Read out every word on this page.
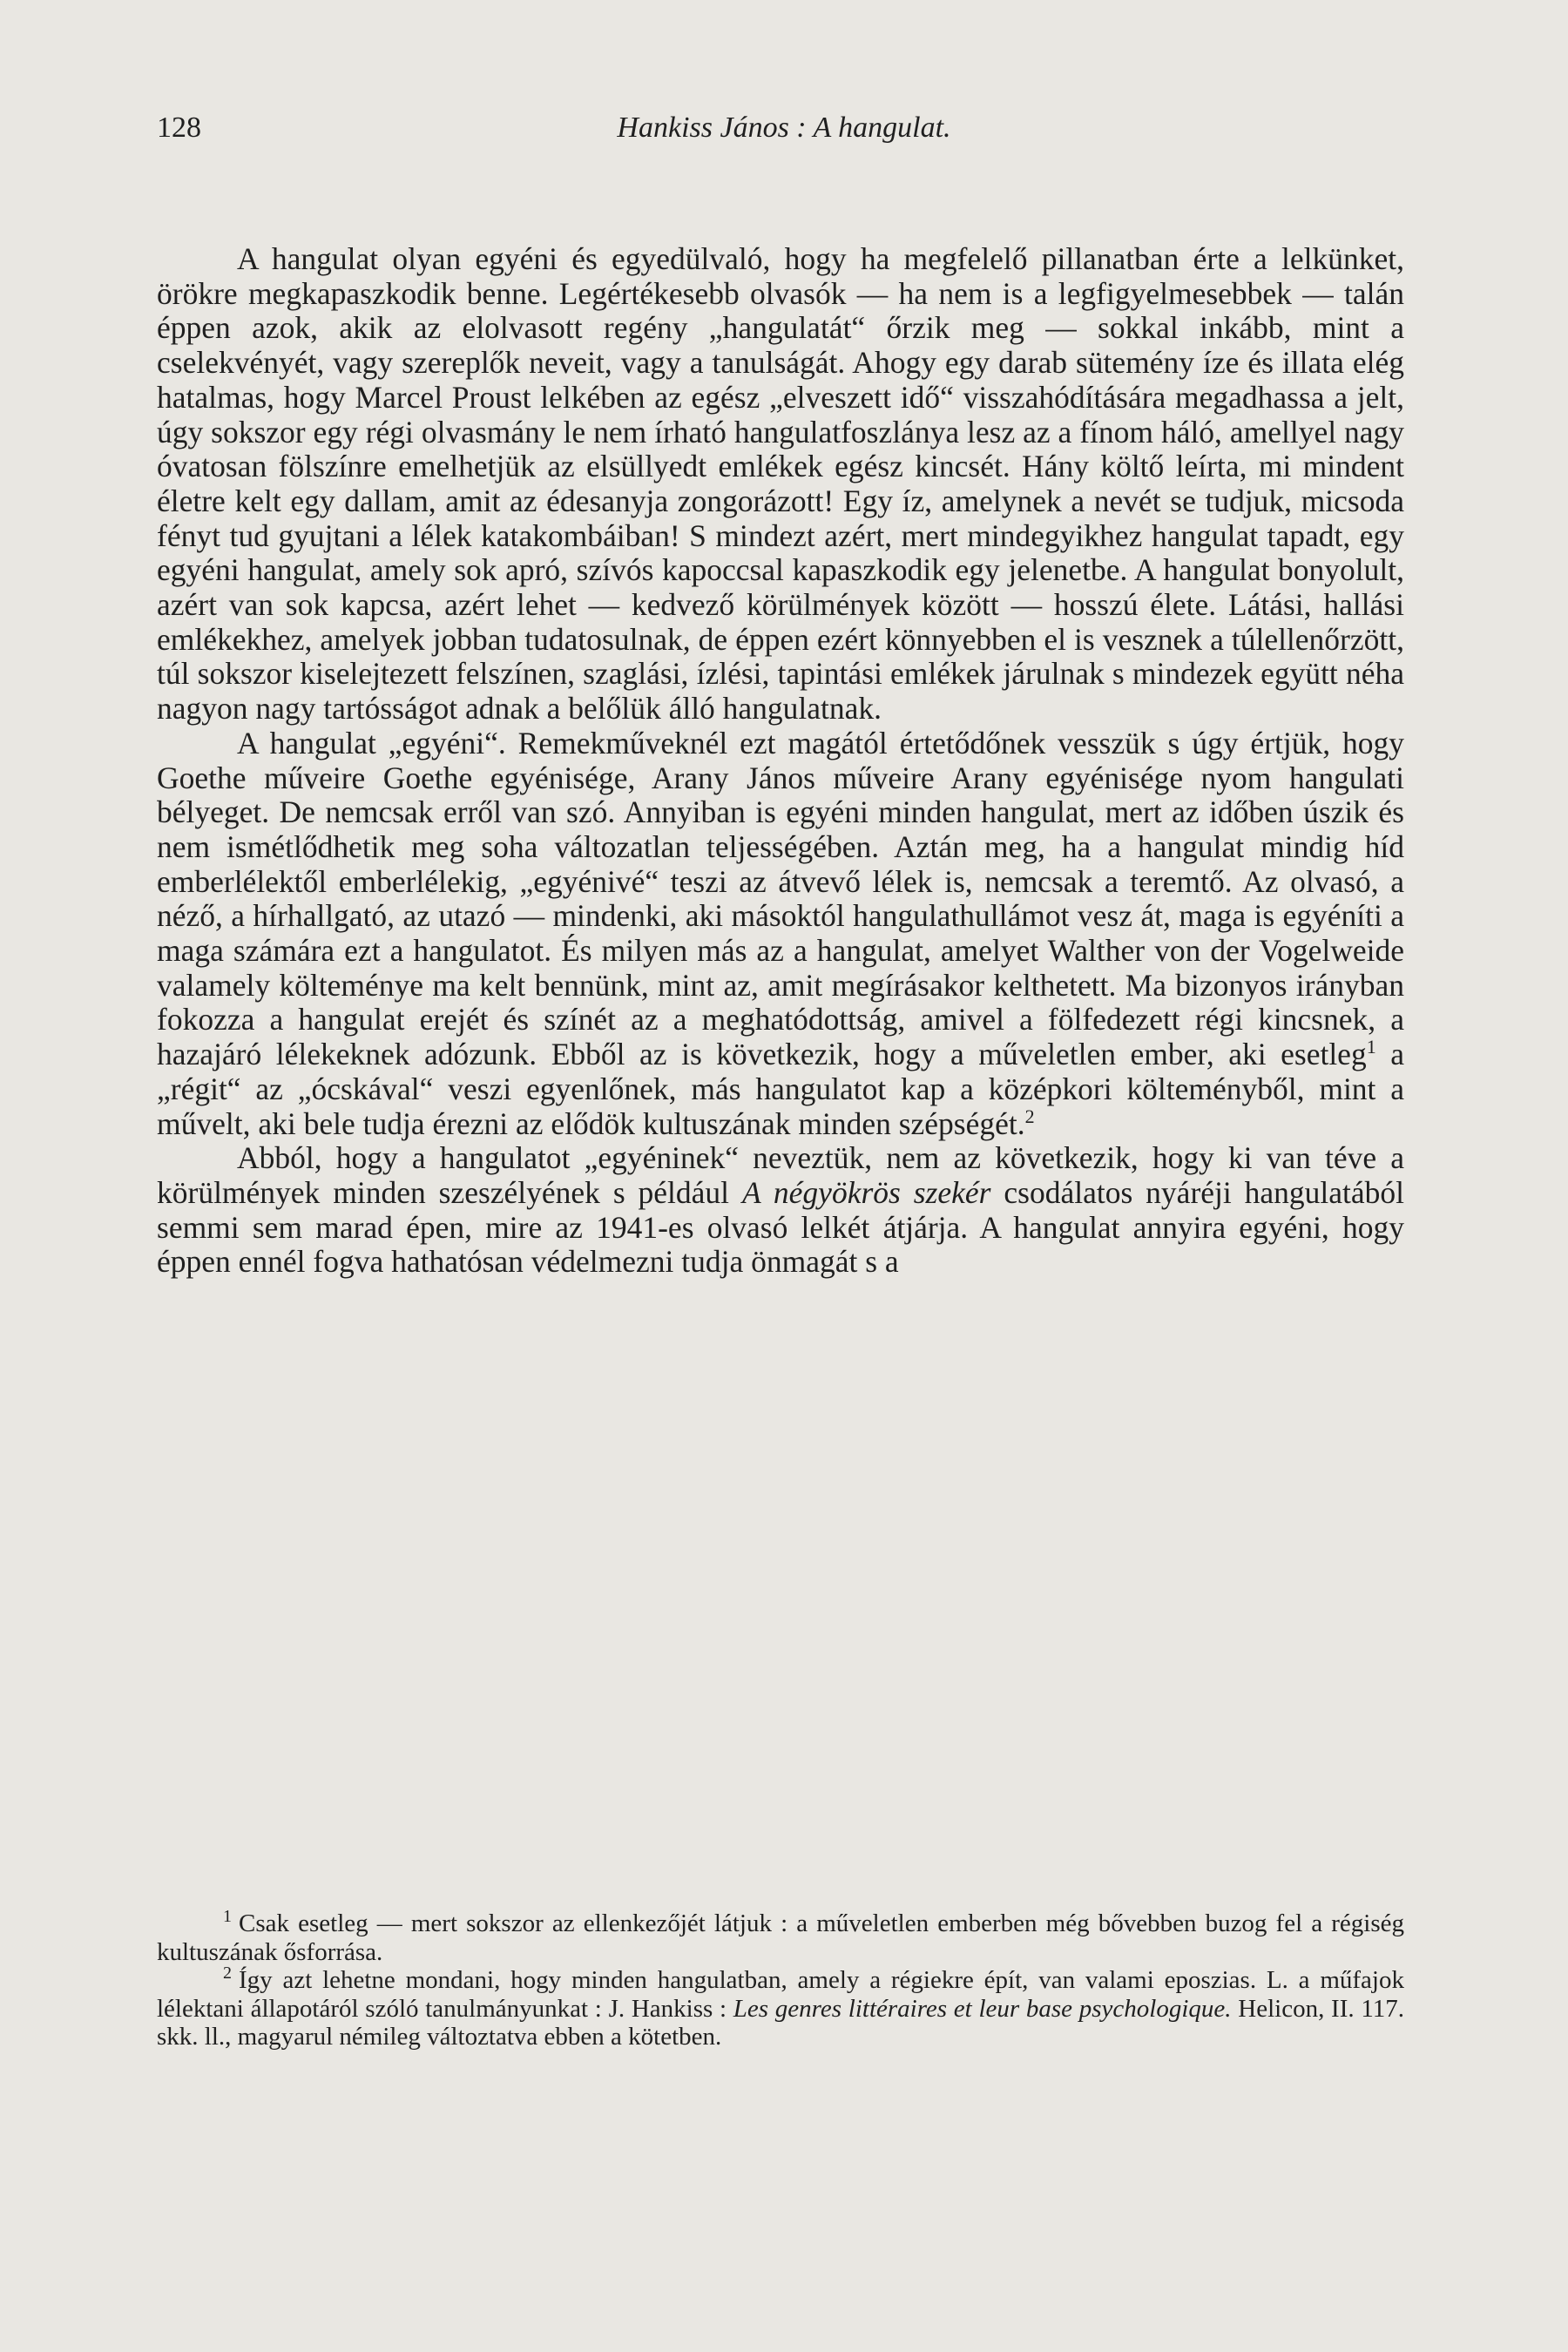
128	Hankiss János : A hangulat.

A hangulat olyan egyéni és egyedülvaló, hogy ha megfelelő pillanatban érte a lelkünket, örökre megkapaszkodik benne. Legértékesebb olvasók — ha nem is a legfigyelmesebbek — talán éppen azok, akik az elolvasott regény „hangulatát“ őrzik meg — sokkal inkább, mint a cselekvényét, vagy szereplők neveit, vagy a tanulságát. Ahogy egy darab sütemény íze és illata elég hatalmas, hogy Marcel Proust lelkében az egész „elveszett idő“ visszahódítására megadhassa a jelt, úgy sokszor egy régi olvasmány le nem írható hangulatfoszlánya lesz az a fínom háló, amellyel nagy óvatosan fölszínre emelhetjük az elsüllyedt emlékek egész kincsét. Hány költő leírta, mi mindent életre kelt egy dallam, amit az édesanyja zongorázott! Egy íz, amelynek a nevét se tudjuk, micsoda fényt tud gyujtani a lélek katakombáiban! S mindezt azért, mert mindegyikhez hangulat tapadt, egy egyéni hangulat, amely sok apró, szívós kapoccsal kapaszkodik egy jelenetbe. A hangulat bonyolult, azért van sok kapcsa, azért lehet — kedvező körülmények között — hosszú élete. Látási, hallási emlékekhez, amelyek jobban tudatosulnak, de éppen ezért könnyebben el is vesznek a túlellenőrzött, túl sokszor kiselejtezett felszínen, szaglási, ízlési, tapintási emlékek járulnak s mindezek együtt néha nagyon nagy tartósságot adnak a belőlük álló hangulatnak.

A hangulat „egyéni“. Remekműveknél ezt magától értetődőnek vesszük s úgy értjük, hogy Goethe műveire Goethe egyénisége, Arany János műveire Arany egyénisége nyom hangulati bélyeget. De nemcsak erről van szó. Annyiban is egyéni minden hangulat, mert az időben úszik és nem ismétlődhetik meg soha változatlan teljességében. Aztán meg, ha a hangulat mindig híd emberlélektől emberlélekig, „egyénivé“ teszi az átvevő lélek is, nemcsak a teremtő. Az olvasó, a néző, a hírhallgató, az utazó — mindenki, aki másoktól hangulathullámot vesz át, maga is egyéníti a maga számára ezt a hangulatot. És milyen más az a hangulat, amelyet Walther von der Vogelweide valamely költeménye ma kelt bennünk, mint az, amit megírásakor kelthetett. Ma bizonyos irányban fokozza a hangulat erejét és színét az a meghatódottság, amivel a fölfedezett régi kincsnek, a hazajáró lélekeknek adózunk. Ebből az is következik, hogy a műveletlen ember, aki esetleg$^1$ a „régit“ az „ócskával“ veszi egyenlőnek, más hangulatot kap a középkori költeményből, mint a művelt, aki bele tudja érezni az elődök kultuszának minden szépségét.$^2$

Abból, hogy a hangulatot „egyéninek“ neveztük, nem az következik, hogy ki van téve a körülmények minden szeszélyének s például A négyökrös szekér csodálatos nyáréji hangulatából semmi sem marad épen, mire az 1941-es olvasó lelkét átjárja. A hangulat annyira egyéni, hogy éppen ennél fogva hathatósan védelmezni tudja önmagát s a

$^1$ Csak esetleg — mert sokszor az ellenkezőjét látjuk : a műveletlen emberben még bővebben buzog fel a régiség kultuszának ősforrása.

$^2$ Így azt lehetne mondani, hogy minden hangulatban, amely a régiekre épít, van valami eposzias. L. a műfajok lélektani állapotáról szóló tanulmányunkat : J. Hankiss : Les genres littéraires et leur base psychologique. Helicon, II. 117. skk. ll., magyarul némileg változtatva ebben a kötetben.
